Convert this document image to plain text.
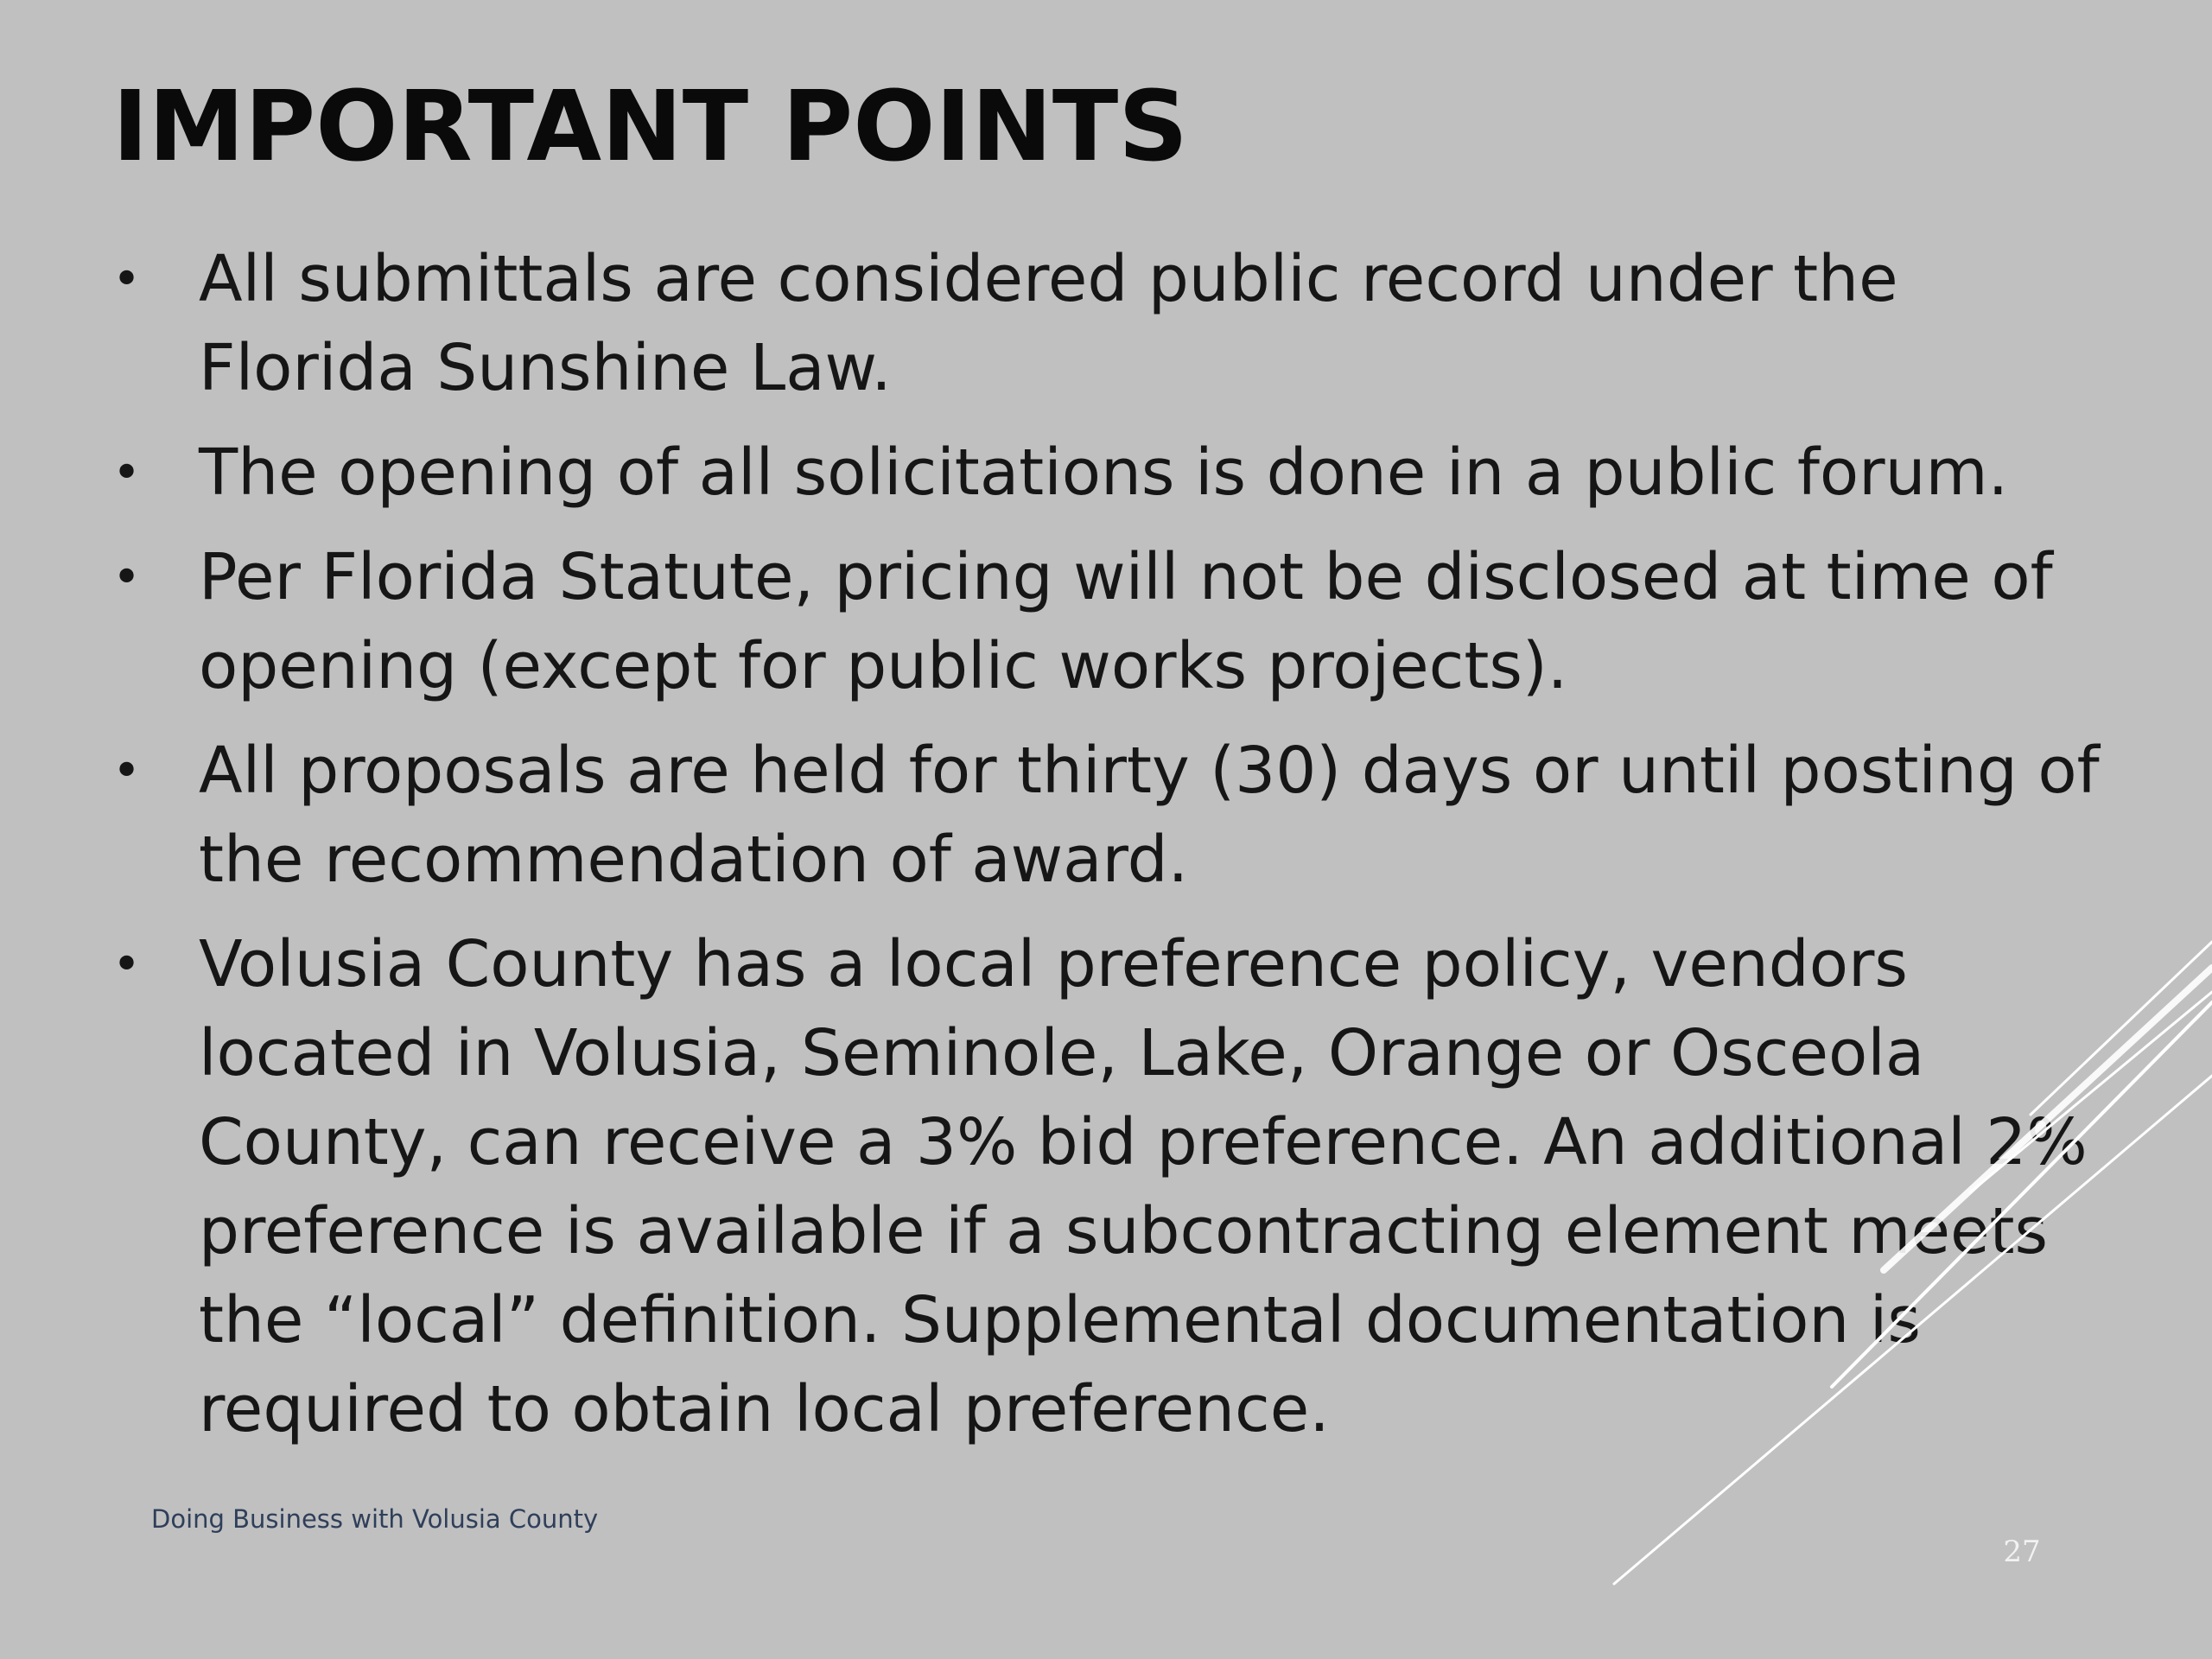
IMPORTANT POINTS
• All submittals are considered public record under the Florida Sunshine Law.
• The opening of all solicitations is done in a public forum.
• Per Florida Statute, pricing will not be disclosed at time of opening (except for public works projects).
• All proposals are held for thirty (30) days or until posting of the recommendation of award.
• Volusia County has a local preference policy, vendors located in Volusia, Seminole, Lake, Orange or Osceola County, can receive a 3% bid preference. An additional 2% preference is available if a subcontracting element meets the “local” definition. Supplemental documentation is required to obtain local preference.
Doing Business with Volusia County
27
